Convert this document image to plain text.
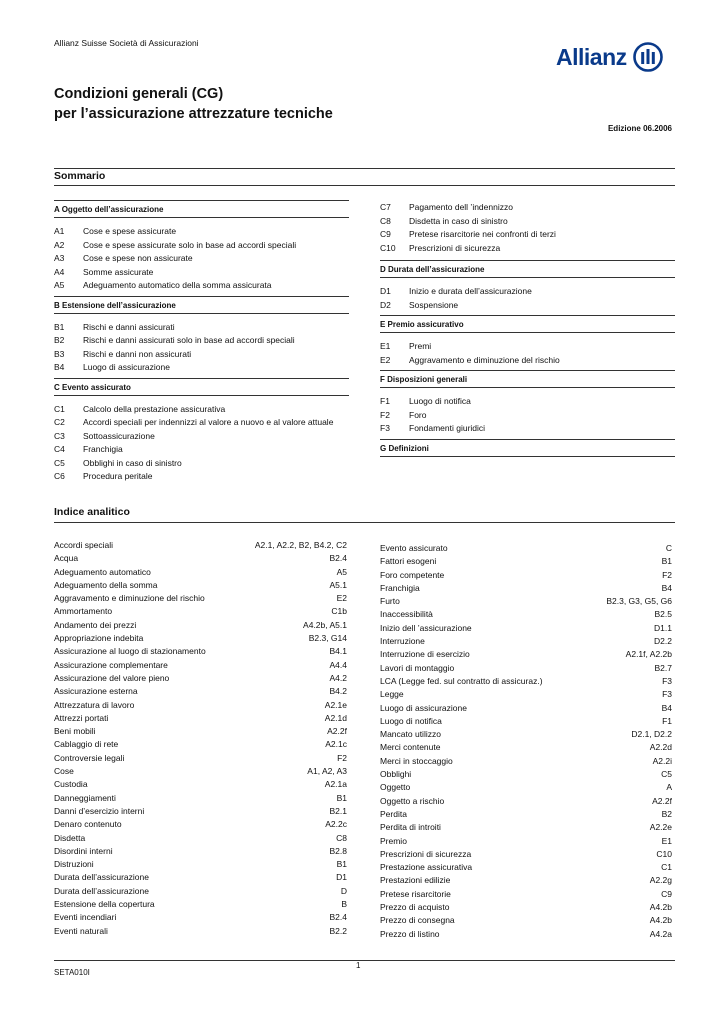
Allianz Suisse Società di Assicurazioni
Allianz
Condizioni generali (CG)
per l’assicurazione attrezzature tecniche
Edizione 06.2006
Sommario
A Oggetto dell’assicurazione
A1	Cose e spese assicurate
A2	Cose e spese assicurate solo in base ad accordi speciali
A3	Cose e spese non assicurate
A4	Somme assicurate
A5	Adeguamento automatico della somma assicurata
B Estensione dell’assicurazione
B1	Rischi e danni assicurati
B2	Rischi e danni assicurati solo in base ad accordi speciali
B3	Rischi e danni non assicurati
B4	Luogo di assicurazione
C Evento assicurato
C1	Calcolo della prestazione assicurativa
C2	Accordi speciali per indennizzi al valore a nuovo e al valore attuale
C3	Sottoassicurazione
C4	Franchigia
C5	Obblighi in caso di sinistro
C6	Procedura peritale
C7	Pagamento dell ’indennizzo
C8	Disdetta in caso di sinistro
C9	Pretese risarcitorie nei confronti di terzi
C10	Prescrizioni di sicurezza
D Durata dell’assicurazione
D1	Inizio e durata dell’assicurazione
D2	Sospensione
E Premio assicurativo
E1	Premi
E2	Aggravamento e diminuzione del rischio
F Disposizioni generali
F1	Luogo di notifica
F2	Foro
F3	Fondamenti giuridici
G Definizioni
Indice analitico
Accordi speciali	A2.1, A2.2, B2, B4.2, C2
Acqua	B2.4
Adeguamento automatico	A5
Adeguamento della somma	A5.1
Aggravamento e diminuzione del rischio	E2
Ammortamento	C1b
Andamento dei prezzi	A4.2b, A5.1
Appropriazione indebita	B2.3, G14
Assicurazione al luogo di stazionamento	B4.1
Assicurazione complementare	A4.4
Assicurazione del valore pieno	A4.2
Assicurazione esterna	B4.2
Attrezzatura di lavoro	A2.1e
Attrezzi portati	A2.1d
Beni mobili	A2.2f
Cablaggio di rete	A2.1c
Controversie legali	F2
Cose	A1, A2, A3
Custodia	A2.1a
Danneggiamenti	B1
Danni d’esercizio interni	B2.1
Denaro contenuto	A2.2c
Disdetta	C8
Disordini interni	B2.8
Distruzioni	B1
Durata dell’assicurazione	D1
Durata dell’assicurazione	D
Estensione della copertura	B
Eventi incendiari	B2.4
Eventi naturali	B2.2
Evento assicurato	C
Fattori esogeni	B1
Foro competente	F2
Franchigia	B4
Furto	B2.3, G3, G5, G6
Inaccessibilità	B2.5
Inizio dell ’assicurazione	D1.1
Interruzione	D2.2
Interruzione di esercizio	A2.1f, A2.2b
Lavori di montaggio	B2.7
LCA (Legge fed. sul contratto di assicuraz.)	F3
Legge	F3
Luogo di assicurazione	B4
Luogo di notifica	F1
Mancato utilizzo	D2.1, D2.2
Merci contenute	A2.2d
Merci in stoccaggio	A2.2i
Obblighi	C5
Oggetto	A
Oggetto a rischio	A2.2f
Perdita	B2
Perdita di introiti	A2.2e
Premio	E1
Prescrizioni di sicurezza	C10
Prestazione assicurativa	C1
Prestazioni edilizie	A2.2g
Pretese risarcitorie	C9
Prezzo di acquisto	A4.2b
Prezzo di consegna	A4.2b
Prezzo di listino	A4.2a
1
SETA010I
